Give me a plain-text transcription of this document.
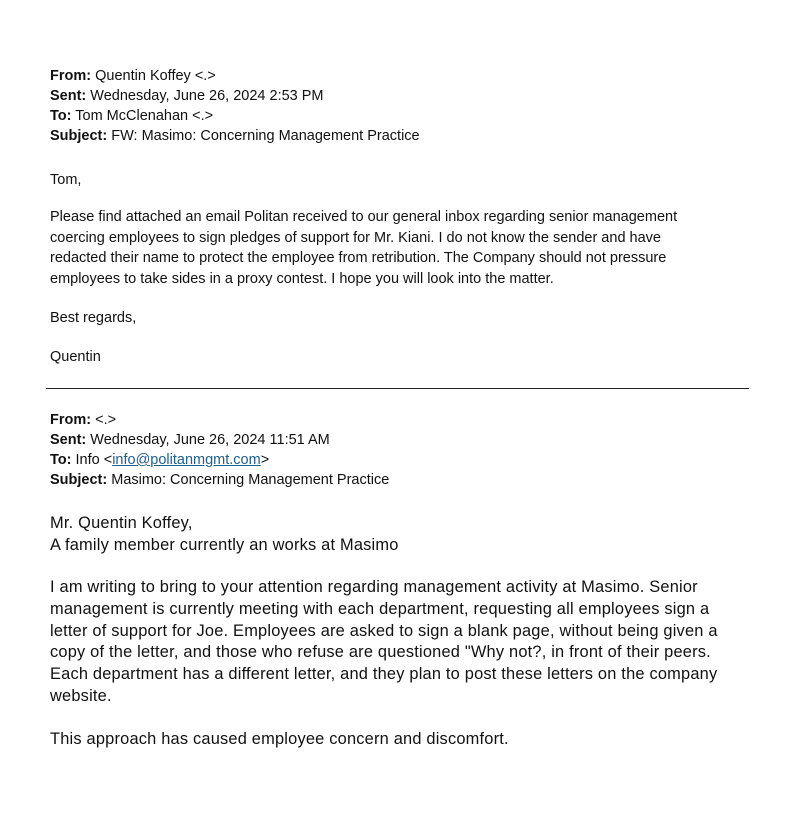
From: Quentin Koffey <.>
Sent: Wednesday, June 26, 2024 2:53 PM
To: Tom McClenahan <.>
Subject: FW: Masimo: Concerning Management Practice
Tom,
Please find attached an email Politan received to our general inbox regarding senior management
coercing employees to sign pledges of support for Mr. Kiani. I do not know the sender and have
redacted their name to protect the employee from retribution. The Company should not pressure
employees to take sides in a proxy contest. I hope you will look into the matter.
Best regards,
Quentin
From: <.>
Sent: Wednesday, June 26, 2024 11:51 AM
To: Info <info@politanmgmt.com>
Subject: Masimo: Concerning Management Practice
Mr. Quentin Koffey,
A family member currently an works at Masimo
I am writing to bring to your attention regarding management activity at Masimo. Senior
management is currently meeting with each department, requesting all employees sign a
letter of support for Joe. Employees are asked to sign a blank page, without being given a
copy of the letter, and those who refuse are questioned "Why not?, in front of their peers.
Each department has a different letter, and they plan to post these letters on the company
website.
This approach has caused employee concern and discomfort.
